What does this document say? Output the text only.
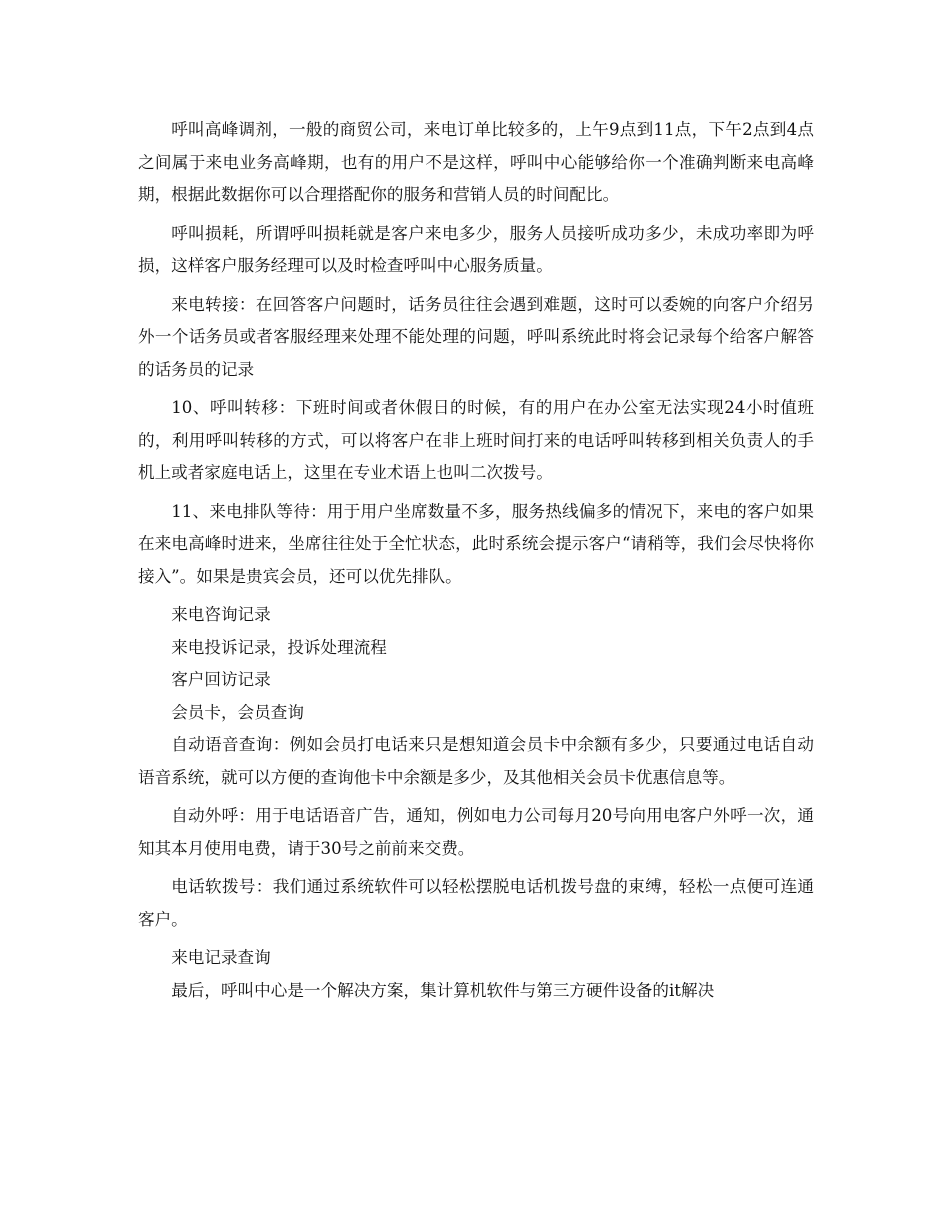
呼叫高峰调剂，一般的商贸公司，来电订单比较多的，上午9点到11点，下午2点到4点之间属于来电业务高峰期，也有的用户不是这样，呼叫中心能够给你一个准确判断来电高峰期，根据此数据你可以合理搭配你的服务和营销人员的时间配比。

呼叫损耗，所谓呼叫损耗就是客户来电多少，服务人员接听成功多少，未成功率即为呼损，这样客户服务经理可以及时检查呼叫中心服务质量。

来电转接：在回答客户问题时，话务员往往会遇到难题，这时可以委婉的向客户介绍另外一个话务员或者客服经理来处理不能处理的问题，呼叫系统此时将会记录每个给客户解答的话务员的记录

10、呼叫转移：下班时间或者休假日的时候，有的用户在办公室无法实现24小时值班的，利用呼叫转移的方式，可以将客户在非上班时间打来的电话呼叫转移到相关负责人的手机上或者家庭电话上，这里在专业术语上也叫二次拨号。

11、来电排队等待：用于用户坐席数量不多，服务热线偏多的情况下，来电的客户如果在来电高峰时进来，坐席往往处于全忙状态，此时系统会提示客户“请稍等，我们会尽快将你接入”。如果是贵宾会员，还可以优先排队。

来电咨询记录

来电投诉记录，投诉处理流程

客户回访记录

会员卡，会员查询

自动语音查询：例如会员打电话来只是想知道会员卡中余额有多少，只要通过电话自动语音系统，就可以方便的查询他卡中余额是多少，及其他相关会员卡优惠信息等。

自动外呼：用于电话语音广告，通知，例如电力公司每月20号向用电客户外呼一次，通知其本月使用电费，请于30号之前前来交费。

电话软拨号：我们通过系统软件可以轻松摆脱电话机拨号盘的束缚，轻松一点便可连通客户。

来电记录查询

最后，呼叫中心是一个解决方案，集计算机软件与第三方硬件设备的it解决
